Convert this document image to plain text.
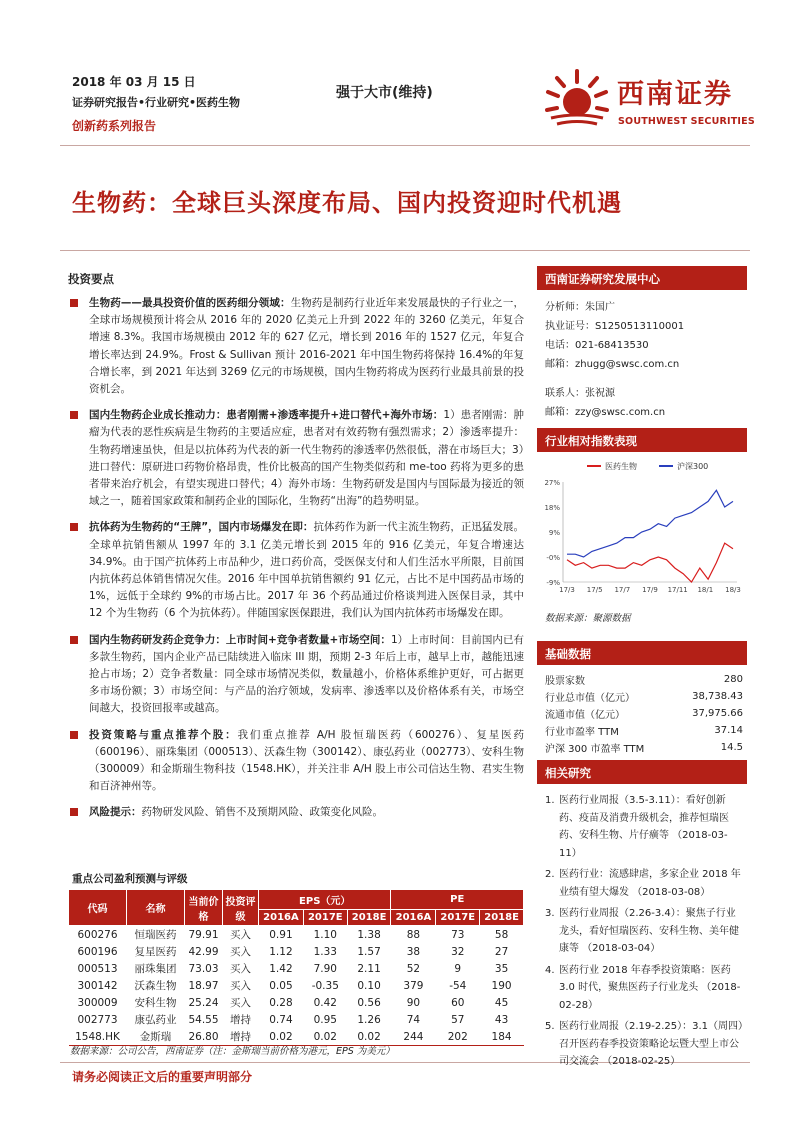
2018 年 03 月 15 日
证券研究报告•行业研究•医药生物
创新药系列报告
强于大市(维持)	西南证券
SOUTHWEST SECURITIES
生物药：全球巨头深度布局、国内投资迎时代机遇
投资要点
生物药——最具投资价值的医药细分领域：生物药是制药行业近年来发展最快的子行业之一，全球市场规模预计将会从 2016 年的 2020 亿美元上升到 2022 年的 3260 亿美元，年复合增速 8.3%。我国市场规模由 2012 年的 627 亿元，增长到 2016 年的 1527 亿元，年复合增长率达到 24.9%。Frost & Sullivan 预计 2016-2021 年中国生物药将保持 16.4%的年复合增长率，到 2021 年达到 3269 亿元的市场规模，国内生物药将成为医药行业最具前景的投资机会。
国内生物药企业成长推动力：患者刚需+渗透率提升+进口替代+海外市场：1）患者刚需：肿瘤为代表的恶性疾病是生物药的主要适应症，患者对有效药物有强烈需求；2）渗透率提升：生物药增速虽快，但是以抗体药为代表的新一代生物药的渗透率仍然很低，潜在市场巨大；3）进口替代：原研进口药物价格昂贵，性价比极高的国产生物类似药和 me-too 药将为更多的患者带来治疗机会，有望实现进口替代；4）海外市场：生物药研发是国内与国际最为接近的领域之一，随着国家政策和制药企业的国际化，生物药“出海”的趋势明显。
抗体药为生物药的“王牌”，国内市场爆发在即：抗体药作为新一代主流生物药，正迅猛发展。全球单抗销售额从 1997 年的 3.1 亿美元增长到 2015 年的 916 亿美元，年复合增速达 34.9%。由于国产抗体药上市品种少，进口药价高，受医保支付和人们生活水平所限，目前国内抗体药总体销售情况欠佳。2016 年中国单抗销售额约 91 亿元，占比不足中国药品市场的 1%，远低于全球约 9%的市场占比。2017 年 36 个药品通过价格谈判进入医保目录，其中 12 个为生物药（6 个为抗体药）。伴随国家医保跟进，我们认为国内抗体药市场爆发在即。
国内生物药研发药企竞争力：上市时间+竞争者数量+市场空间：1）上市时间：目前国内已有多款生物药，国内企业产品已陆续进入临床 III 期，预期 2-3 年后上市，越早上市，越能迅速抢占市场；2）竞争者数量：同全球市场情况类似，数量越小，价格体系维护更好，可占据更多市场份额；3）市场空间：与产品的治疗领域，发病率、渗透率以及价格体系有关，市场空间越大，投资回报率或越高。
投资策略与重点推荐个股：我们重点推荐 A/H 股恒瑞医药（600276）、复星医药（600196）、丽珠集团（000513）、沃森生物（300142）、康弘药业（002773）、安科生物（300009）和金斯瑞生物科技（1548.HK），并关注非 A/H 股上市公司信达生物、君实生物和百济神州等。
风险提示：药物研发风险、销售不及预期风险、政策变化风险。
重点公司盈利预测与评级
代码	名称	当前价格	投资评级	EPS（元）			PE		
				2016A	2017E	2018E	2016A	2017E	2018E
600276	恒瑞医药	79.91	买入	0.91	1.10	1.38	88	73	58
600196	复星医药	42.99	买入	1.12	1.33	1.57	38	32	27
000513	丽珠集团	73.03	买入	1.42	7.90	2.11	52	9	35
300142	沃森生物	18.97	买入	0.05	-0.35	0.10	379	-54	190
300009	安科生物	25.24	买入	0.28	0.42	0.56	90	60	45
002773	康弘药业	54.55	增持	0.74	0.95	1.26	74	57	43
1548.HK	金斯瑞	26.80	增持	0.02	0.02	0.02	244	202	184
数据来源：公司公告，西南证券（注：金斯瑞当前价格为港元，EPS 为美元）
请务必阅读正文后的重要声明部分
西南证券研究发展中心
分析师：朱国广
执业证号：S1250513110001
电话：021-68413530
邮箱：zhugg@swsc.com.cn
联系人：张祝源
邮箱：zzy@swsc.com.cn
行业相对指数表现
医药生物	沪深300
27%
18%
9%
-0%
-9%
17/3 17/5 17/7 17/9 17/11 18/1 18/3
数据来源：聚源数据
基础数据
股票家数	280
行业总市值（亿元）	38,738.43
流通市值（亿元）	37,975.66
行业市盈率 TTM	37.14
沪深 300 市盈率 TTM	14.5
相关研究
1. 医药行业周报（3.5-3.11）：看好创新药、疫苗及消费升级机会，推荐恒瑞医药、安科生物、片仔癀等 （2018-03-11）
2. 医药行业：流感肆虐，多家企业 2018 年业绩有望大爆发 （2018-03-08）
3. 医药行业周报（2.26-3.4）：聚焦子行业龙头，看好恒瑞医药、安科生物、美年健康等 （2018-03-04）
4. 医药行业 2018 年春季投资策略：医药 3.0 时代，聚焦医药子行业龙头 （2018-02-28）
5. 医药行业周报（2.19-2.25）：3.1（周四）召开医药春季投资策略论坛暨大型上市公司交流会 （2018-02-25）
